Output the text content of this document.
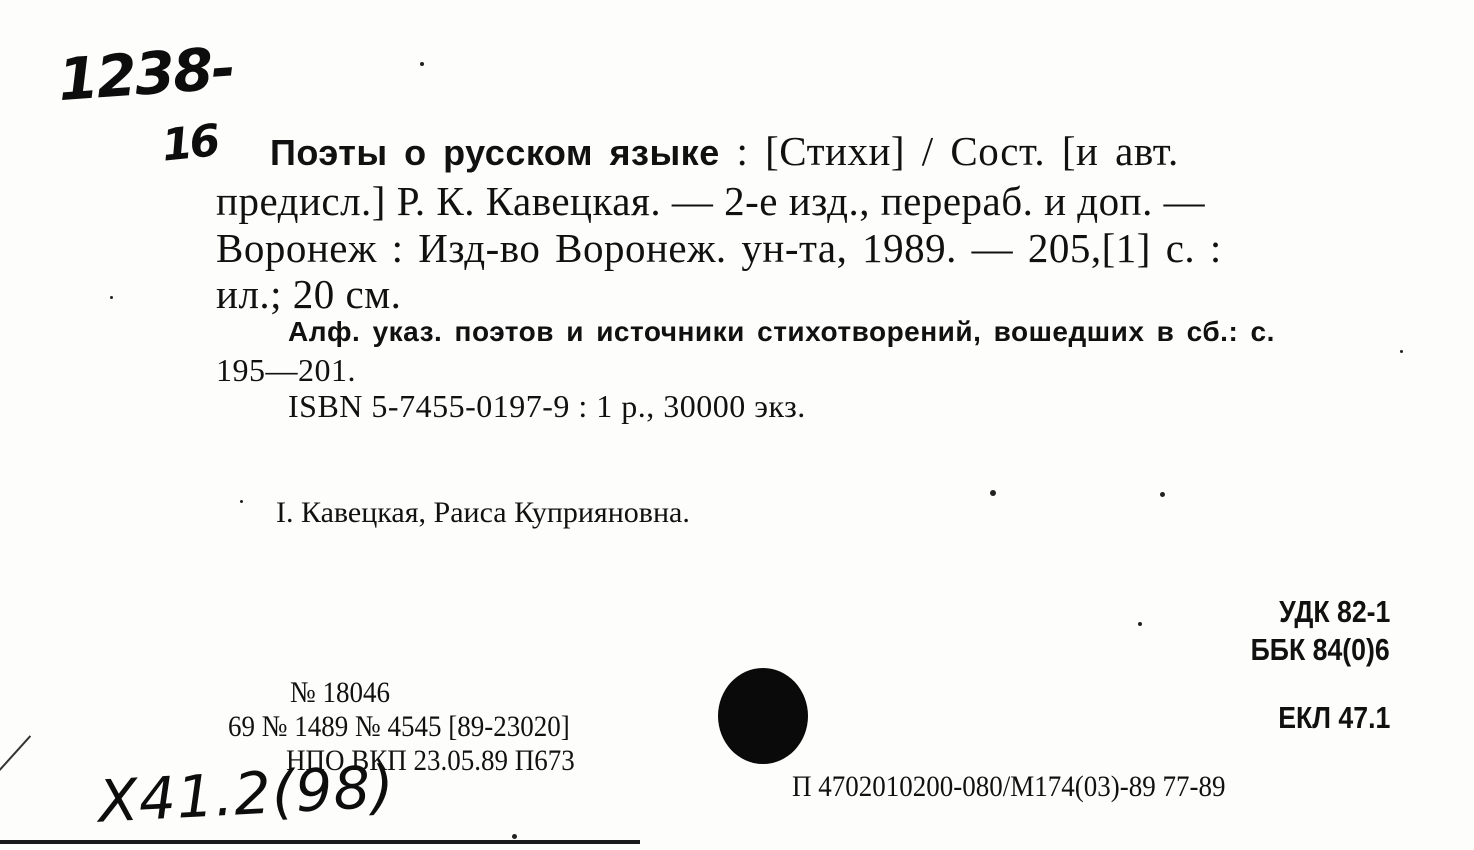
1238-
16 Поэты о русском языке : [Стихи] / Сост. [и авт.
предисл.] Р. К. Кавецкая. — 2-е изд., перераб. и доп. —
Воронеж : Изд-во Воронеж. ун-та, 1989. — 205,[1] с. :
ил.; 20 см.
Алф. указ. поэтов и источники стихотворений, вошедших в сб.: с.
195—201.
ISBN 5-7455-0197-9 : 1 р., 30000 экз.
I. Кавецкая, Раиса Куприяновна.
УДК 82-1
ББК 84(0)6
ЕКЛ 47.1
№ 18046
69 № 1489 № 4545 [89-23020]
НПО ВКП 23.05.89 П673
П 4702010200-080/М174(03)-89 77-89
X41.2(98)
